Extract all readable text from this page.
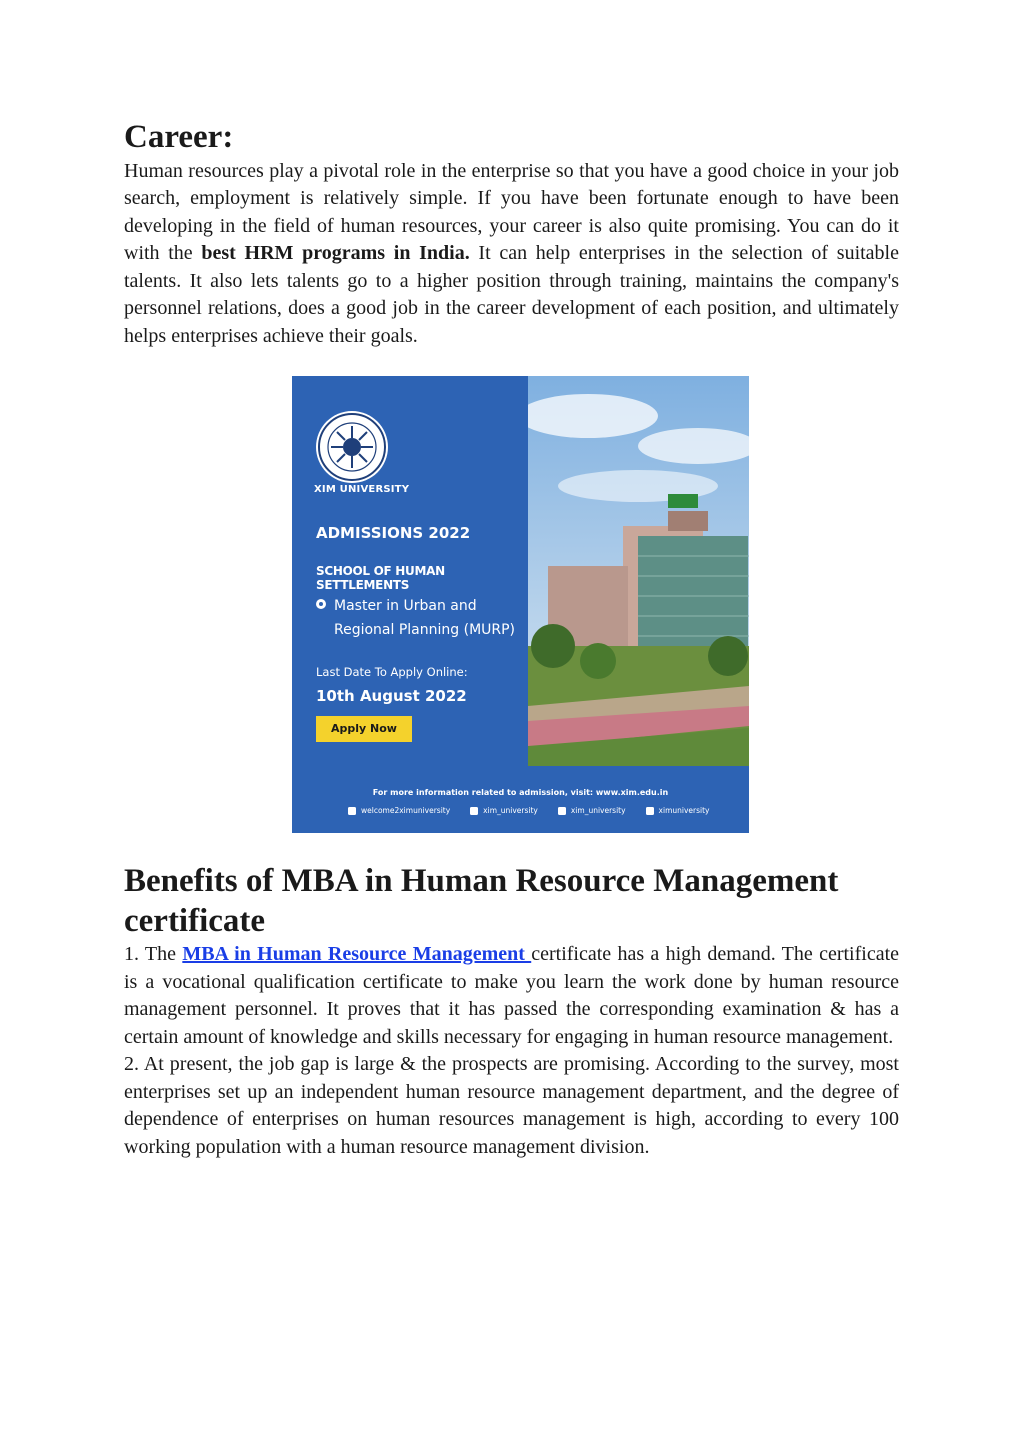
Career:

Human resources play a pivotal role in the enterprise so that you have a good choice in your job search, employment is relatively simple. If you have been fortunate enough to have been developing in the field of human resources, your career is also quite promising. You can do it with the best HRM programs in India. It can help enterprises in the selection of suitable talents. It also lets talents go to a higher position through training, maintains the company's personnel relations, does a good job in the career development of each position, and ultimately helps enterprises achieve their goals.

XIM UNIVERSITY
ADMISSIONS 2022
SCHOOL OF HUMAN SETTLEMENTS
Master in Urban and
Regional Planning (MURP)
Last Date To Apply Online:
10th August 2022
Apply Now
For more information related to admission, visit: www.xim.edu.in
welcome2ximuniversity	xim_university	xim_university	ximuniversity
Benefits of MBA in Human Resource Management certificate

1. The MBA in Human Resource Management certificate has a high demand. The certificate is a vocational qualification certificate to make you learn the work done by human resource management personnel. It proves that it has passed the corresponding examination & has a certain amount of knowledge and skills necessary for engaging in human resource management.

2. At present, the job gap is large & the prospects are promising. According to the survey, most enterprises set up an independent human resource management department, and the degree of dependence of enterprises on human resources management is high, according to every 100 working population with a human resource management division.
